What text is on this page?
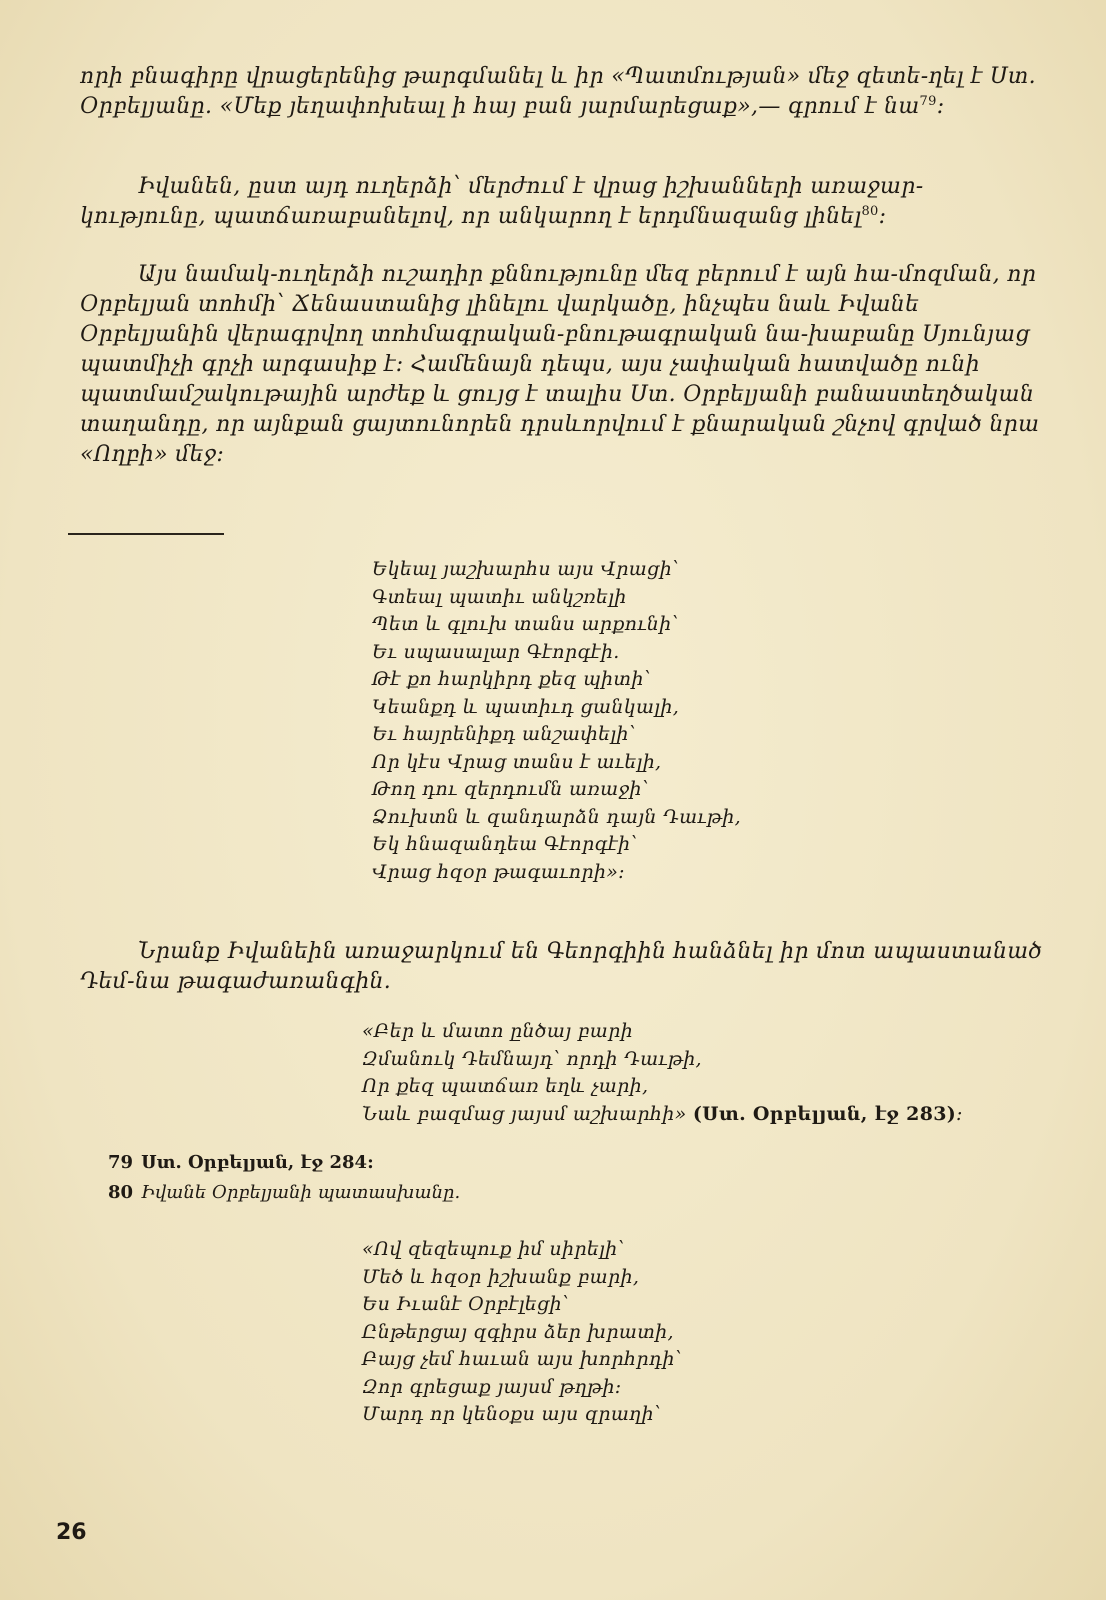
որի բնագիրը վրացերենից թարգմանել և իր «Պատմության» մեջ զետե-ղել է Ստ. Օրբելյանը. «Մեք յեղափոխեալ ի հայ բան յարմարեցաք»,— գրում է նա$^{79}$:

Իվանեն, ըստ այդ ուղերձի՝ մերժում է վրաց իշխանների առաջար-կությունը, պատճառաբանելով, որ անկարող է երդմնազանց լինել$^{80}$:

Այս նամակ-ուղերձի ուշադիր քննությունը մեզ բերում է այն հա-մոզման, որ Օրբելյան տոհմի՝ Ճենաստանից լինելու վարկածը, ինչպես նաև Իվանե Օրբելյանին վերագրվող տոհմագրական-բնութագրական նա-խաբանը Սյունյաց պատմիչի գրչի արգասիք է: Համենայն դեպս, այս չափական հատվածը ունի պատմամշակութային արժեք և ցույց է տալիս Ստ. Օրբելյանի բանաստեղծական տաղանդը, որ այնքան ցայտունորեն դրսևորվում է քնարական շնչով գրված նրա «Ողբի» մեջ:

Եկեալ յաշխարհս այս Վրացի՝
Գտեալ պատիւ անկշռելի
Պետ և գլուխ տանս արքունի՝
Եւ սպասալար Գէորգէի.
Թէ քո հարկիրդ քեզ պիտի՝
Կեանքդ և պատիւդ ցանկալի,
Եւ հայրենիքդ անշափելի՝
Որ կէս Վրաց տանս է աւելի,
Թող դու զերդումն առաջի՝
Ձուխտն և զանդարձն դայն Դաւթի,
Եկ հնազանդեա Գէորգէի՝
Վրաց հզօր թագաւորի»:

Նրանք Իվանեին առաջարկում են Գեորգիին հանձնել իր մոտ ապաստանած Դեմ-նա թագաժառանգին.

«Բեր և մատո ընծայ բարի
Զմանուկ Դեմնայդ՝ որդի Դաւթի,
Որ քեզ պատճառ եղև չարի,
Նաև բազմաց յայսմ աշխարհի» (Ստ. Օրբելյան, էջ 283):
79 Ստ. Օրբելյան, էջ 284:
80 Իվանե Օրբելյանի պատասխանը.
«Ով զեզեպուք իմ սիրելի՝
Մեծ և հզօր իշխանք բարի,
Ես Իւանէ Օրբէլեցի՝
Ընթերցայ զգիրս ձեր խրատի,
Բայց չեմ հաւան այս խորհրդի՝
Զոր գրեցաք յայսմ թղթի:
Մարդ որ կենօքս այս զրաղի՝
26
